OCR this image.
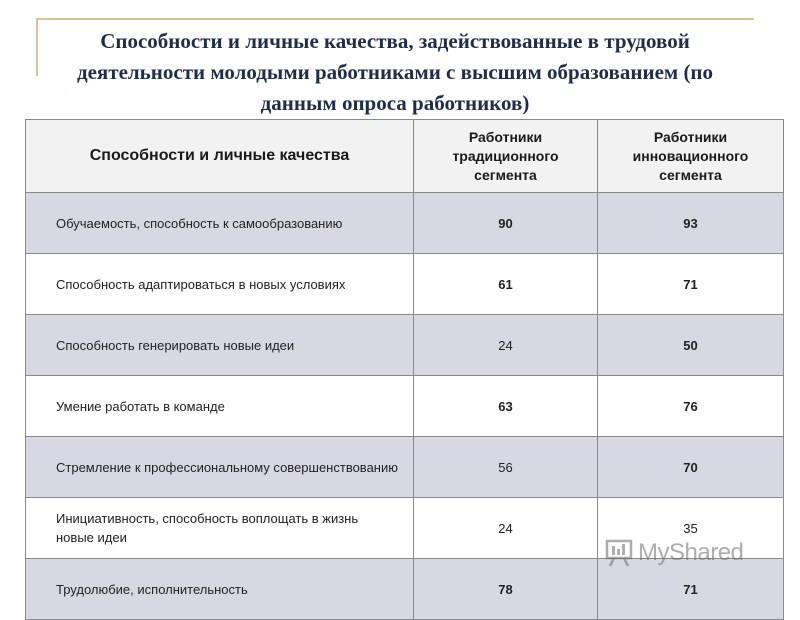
Способности и личные качества, задействованные в трудовой деятельности молодыми работниками с высшим образованием (по данным опроса работников)
Способности и личные качества	Работники традиционного сегмента	Работники инновационного сегмента
Обучаемость, способность к самообразованию	90	93
Способность адаптироваться в новых условиях	61	71
Способность генерировать новые идеи	24	50
Умение работать в команде	63	76
Стремление к профессиональному совершенствованию	56	70
Инициативность, способность воплощать в жизнь новые идеи	24	35
Трудолюбие, исполнительность	78	71
MyShared
